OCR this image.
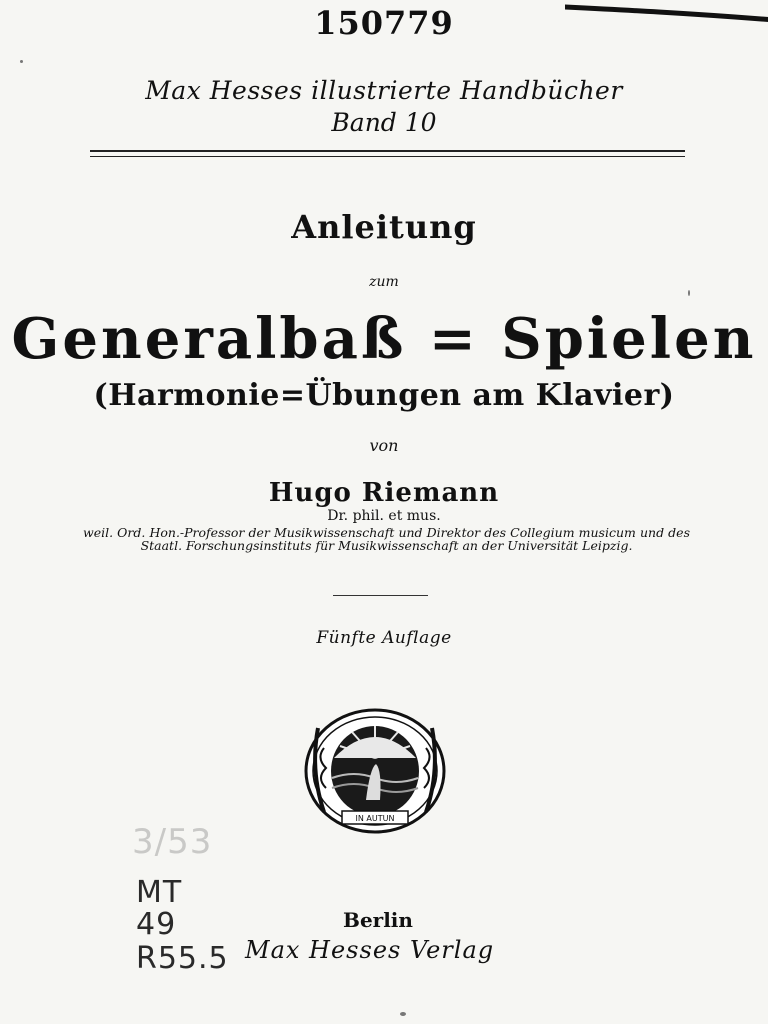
150779
Max Hesses illustrierte Handbücher
Band 10
Anleitung
zum
Generalbaß = Spielen
(Harmonie=Übungen am Klavier)
von
Hugo Riemann
Dr. phil. et mus.
weil. Ord. Hon.-Professor der Musikwissenschaft und Direktor des Collegium musicum und des Staatl. Forschungsinstituts für Musikwissenschaft an der Universität Leipzig.
Fünfte Auflage
IN AUTUN
3/53
MT
49
R55.5
Berlin
Max Hesses Verlag
